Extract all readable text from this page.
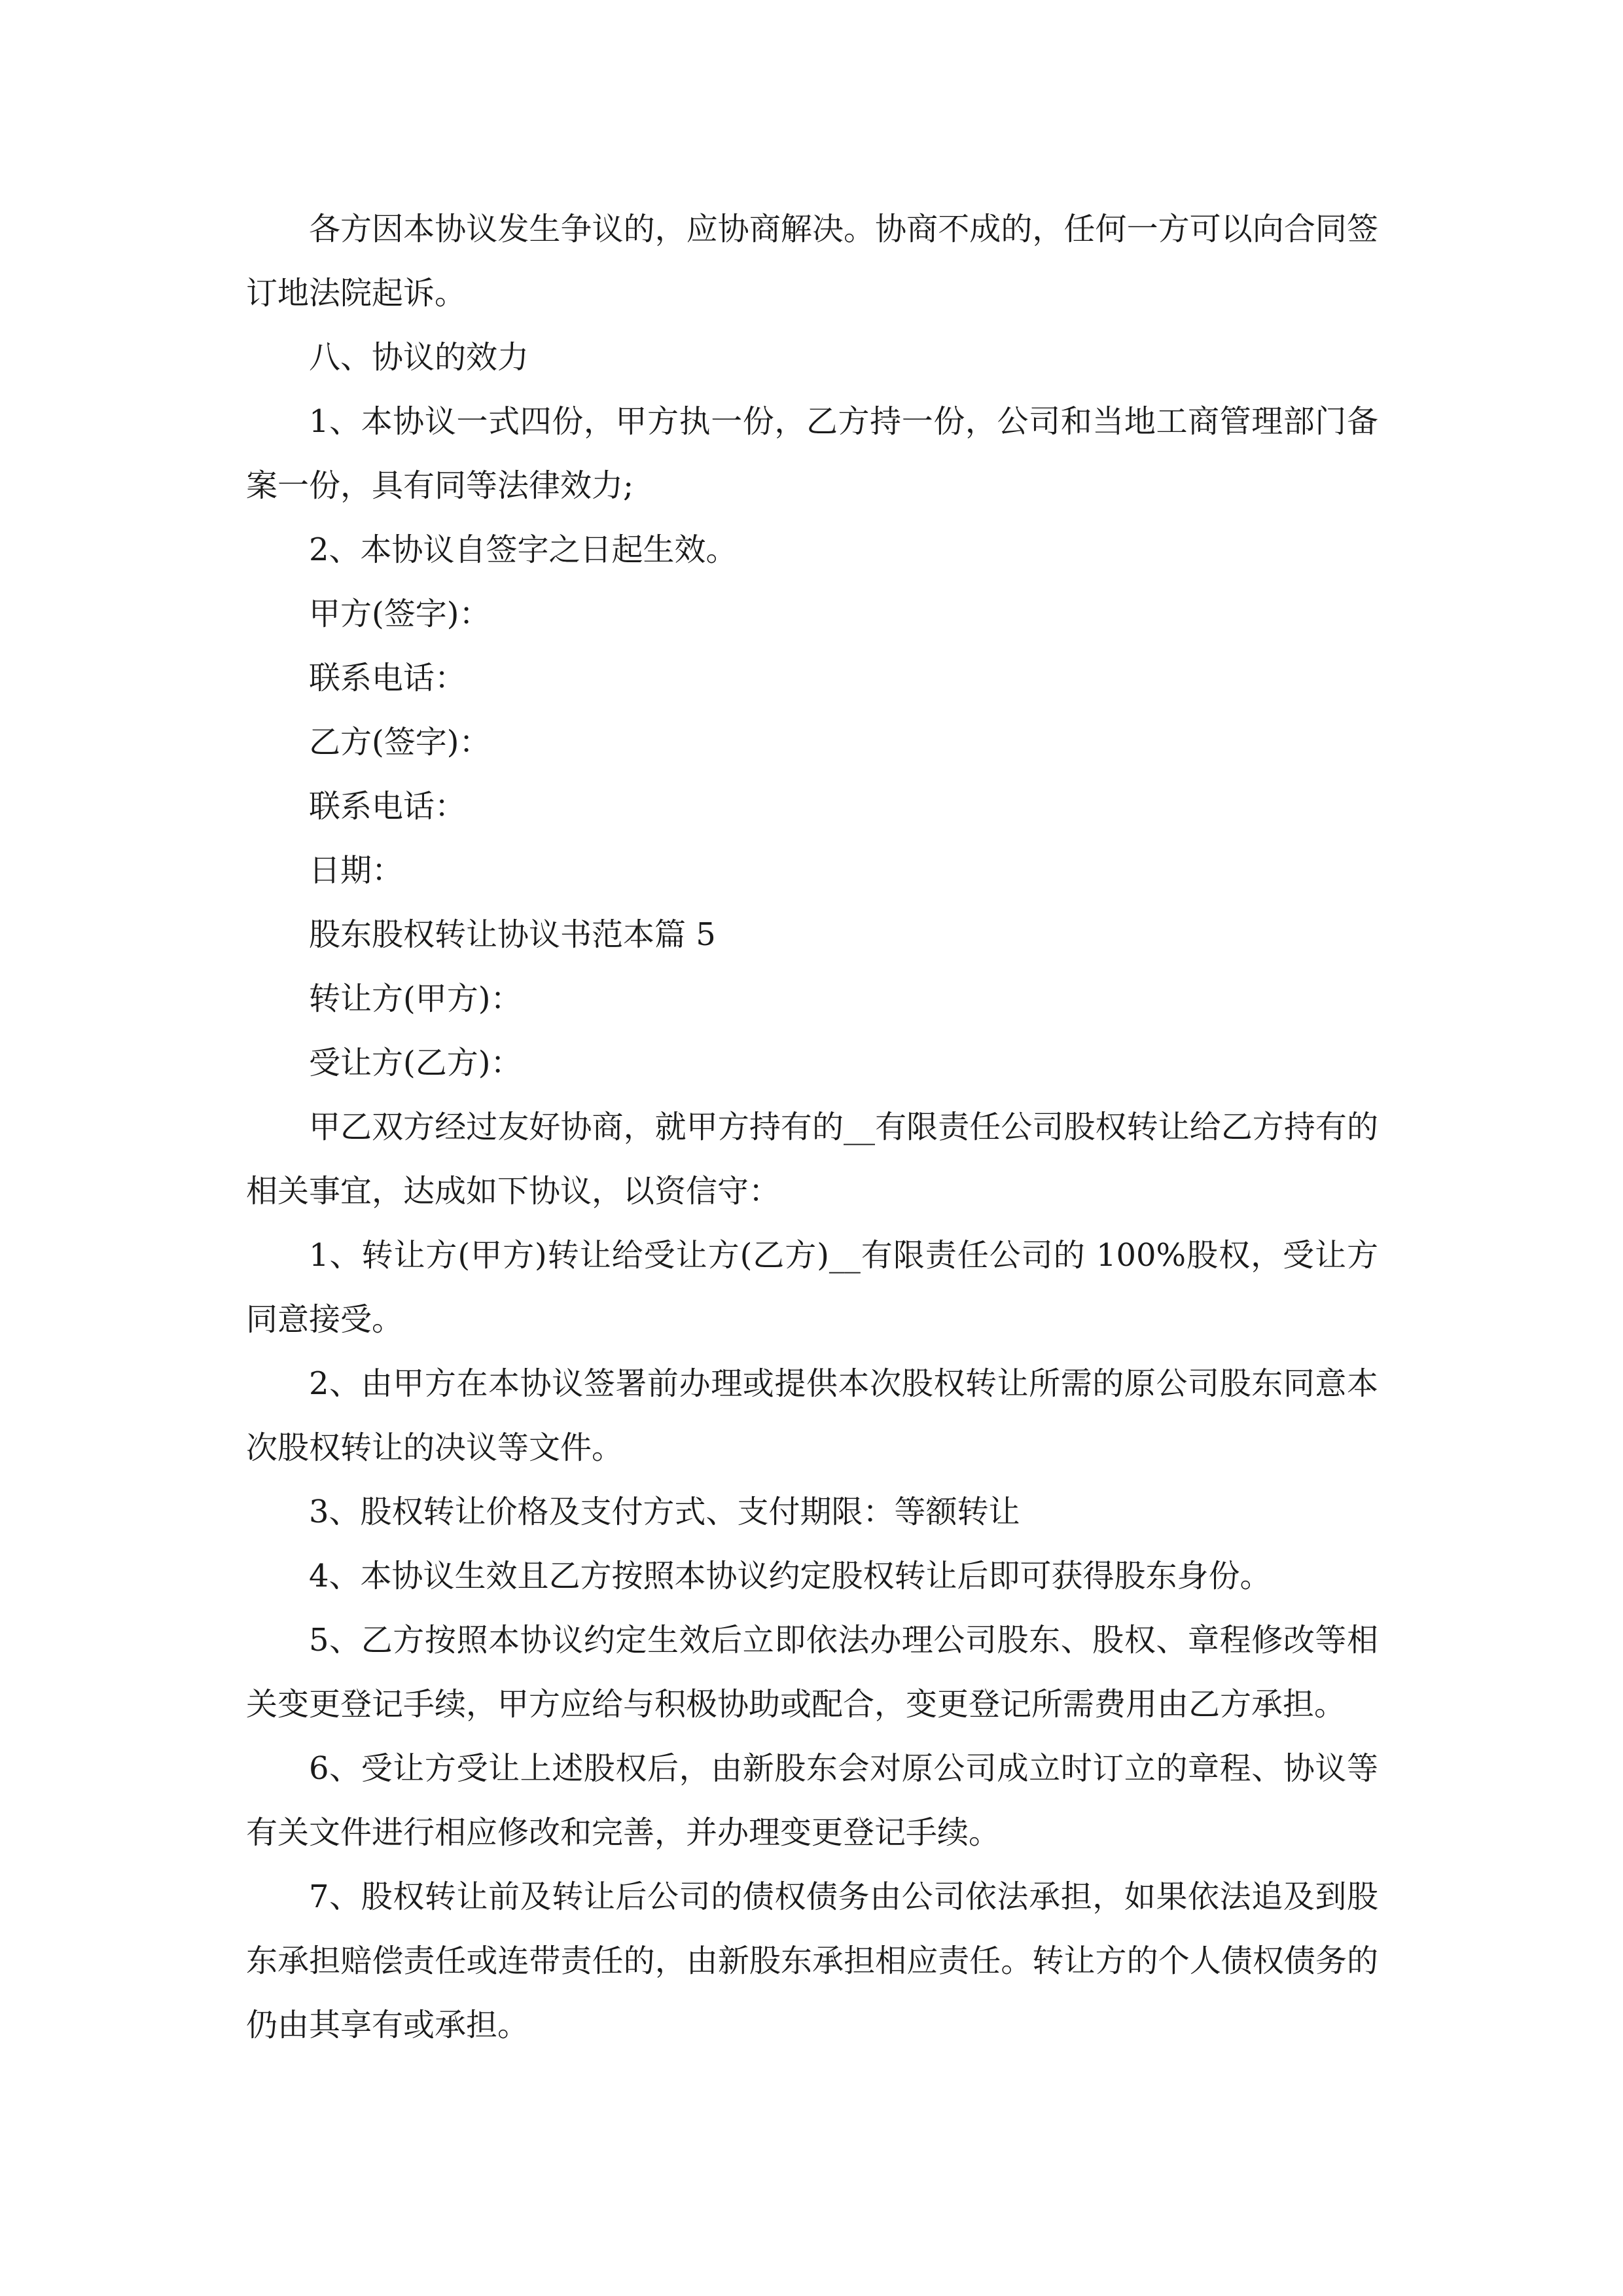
各方因本协议发生争议的，应协商解决。协商不成的，任何一方可以向合同签订地法院起诉。

八、协议的效力

1、本协议一式四份，甲方执一份，乙方持一份，公司和当地工商管理部门备案一份，具有同等法律效力;

2、本协议自签字之日起生效。

甲方(签字)：

联系电话：

乙方(签字)：

联系电话：

日期：

股东股权转让协议书范本篇 5

转让方(甲方)：

受让方(乙方)：

甲乙双方经过友好协商，就甲方持有的__有限责任公司股权转让给乙方持有的相关事宜，达成如下协议，以资信守：

1、转让方(甲方)转让给受让方(乙方)__有限责任公司的 100%股权，受让方同意接受。

2、由甲方在本协议签署前办理或提供本次股权转让所需的原公司股东同意本次股权转让的决议等文件。

3、股权转让价格及支付方式、支付期限：等额转让

4、本协议生效且乙方按照本协议约定股权转让后即可获得股东身份。

5、乙方按照本协议约定生效后立即依法办理公司股东、股权、章程修改等相关变更登记手续，甲方应给与积极协助或配合，变更登记所需费用由乙方承担。

6、受让方受让上述股权后，由新股东会对原公司成立时订立的章程、协议等有关文件进行相应修改和完善，并办理变更登记手续。

7、股权转让前及转让后公司的债权债务由公司依法承担，如果依法追及到股东承担赔偿责任或连带责任的，由新股东承担相应责任。转让方的个人债权债务的仍由其享有或承担。
